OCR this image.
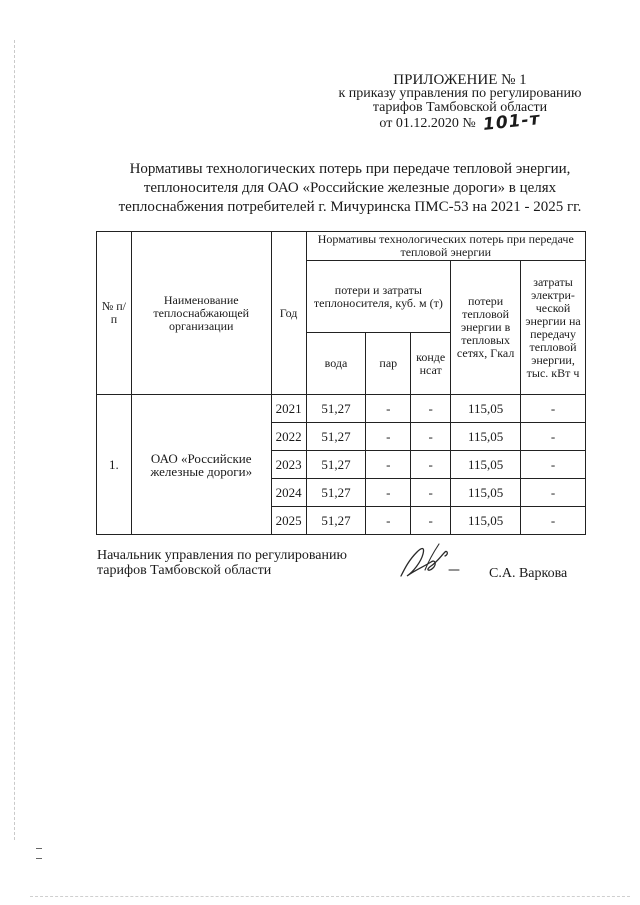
ПРИЛОЖЕНИЕ № 1
к приказу управления по регулированию
тарифов Тамбовской области
от 01.12.2020 № 101-т
Нормативы технологических потерь при передаче тепловой энергии,
теплоносителя для ОАО «Российские железные дороги» в целях
теплоснабжения потребителей г. Мичуринска ПМС-53 на 2021 - 2025 гг.
№ п/п	Наименование теплоснабжающей организации	Год	Нормативы технологических потерь при передаче тепловой энергии				
			потери и затраты теплоносителя, куб. м (т)			потери тепловой энергии в тепловых сетях, Гкал	затраты электри-ческой энергии на передачу тепловой энергии, тыс. кВт ч
			вода	пар	конде нсат		
1.	ОАО «Российские железные дороги»	2021	51,27	-	-	115,05	-
		2022	51,27	-	-	115,05	-
		2023	51,27	-	-	115,05	-
		2024	51,27	-	-	115,05	-
		2025	51,27	-	-	115,05	-
Начальник управления по регулированию
тарифов Тамбовской области	С.А. Варкова
